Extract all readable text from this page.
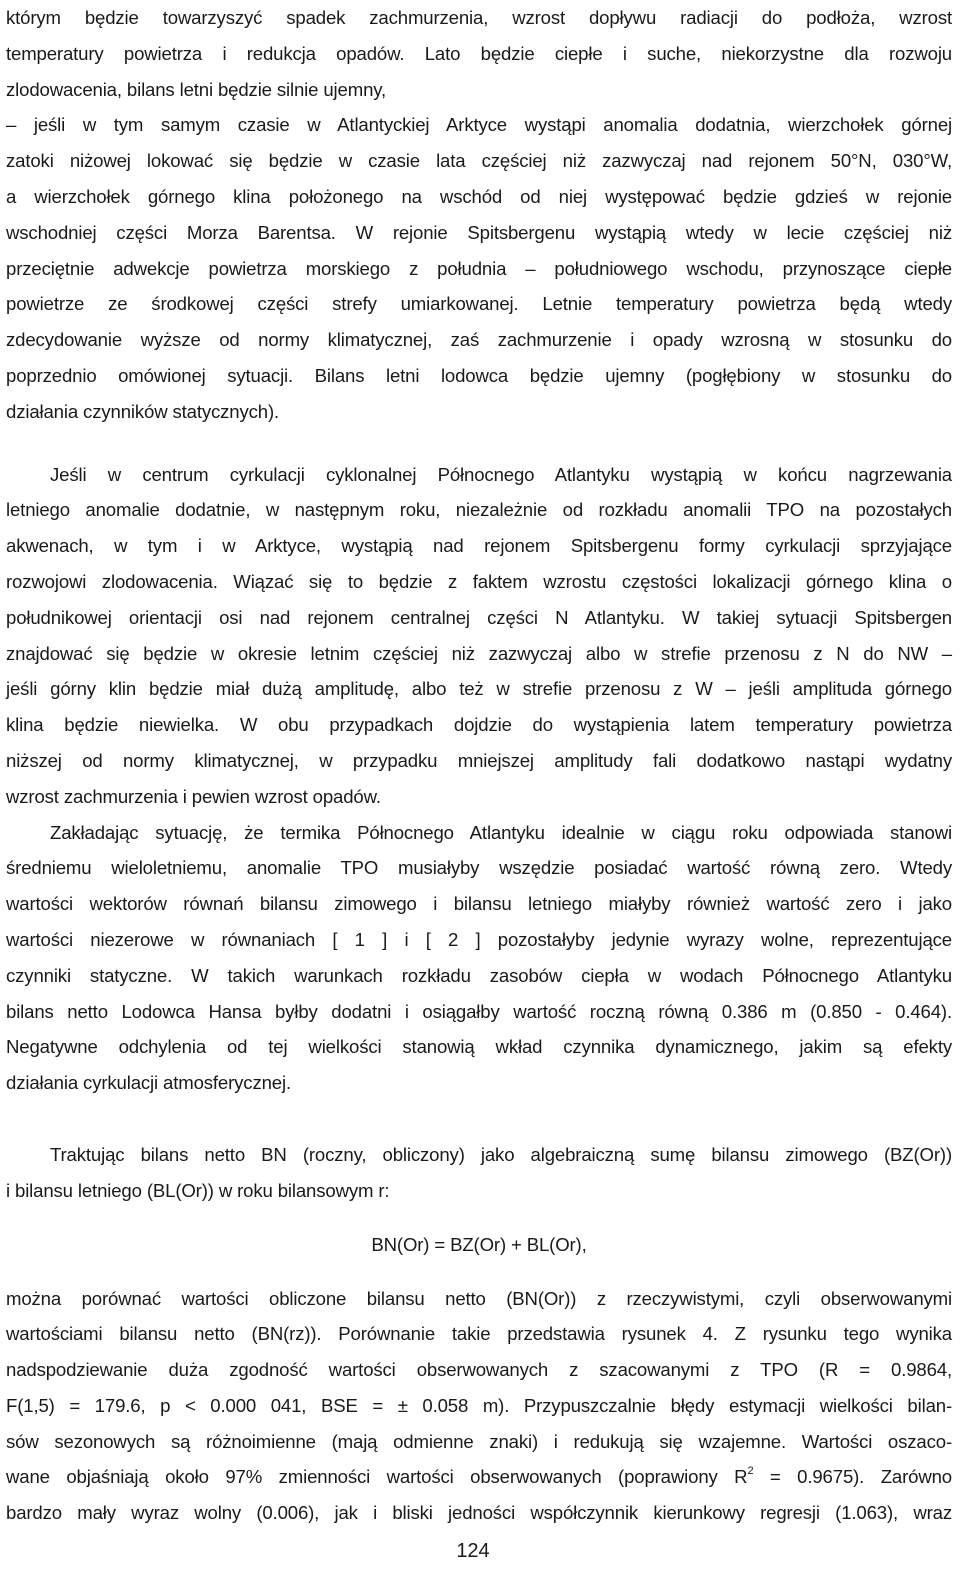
którym będzie towarzyszyć spadek zachmurzenia, wzrost dopływu radiacji do podłoża, wzrost
temperatury powietrza i redukcja opadów. Lato będzie ciepłe i suche, niekorzystne dla rozwoju
zlodowacenia, bilans letni będzie silnie ujemny,
– jeśli w tym samym czasie w Atlantyckiej Arktyce wystąpi anomalia dodatnia, wierzchołek górnej
zatoki niżowej lokować się będzie w czasie lata częściej niż zazwyczaj nad rejonem 50°N, 030°W,
a wierzchołek górnego klina położonego na wschód od niej występować będzie gdzieś w rejonie
wschodniej części Morza Barentsa. W rejonie Spitsbergenu wystąpią wtedy w lecie częściej niż
przeciętnie adwekcje powietrza morskiego z południa – południowego wschodu, przynoszące ciepłe
powietrze ze środkowej części strefy umiarkowanej. Letnie temperatury powietrza będą wtedy
zdecydowanie wyższe od normy klimatycznej, zaś zachmurzenie i opady wzrosną w stosunku do
poprzednio omówionej sytuacji. Bilans letni lodowca będzie ujemny (pogłębiony w stosunku do
działania czynników statycznych).
Jeśli w centrum cyrkulacji cyklonalnej Północnego Atlantyku wystąpią w końcu nagrzewania
letniego anomalie dodatnie, w następnym roku, niezależnie od rozkładu anomalii TPO na pozostałych
akwenach, w tym i w Arktyce, wystąpią nad rejonem Spitsbergenu formy cyrkulacji sprzyjające
rozwojowi zlodowacenia. Wiązać się to będzie z faktem wzrostu częstości lokalizacji górnego klina o
południkowej orientacji osi nad rejonem centralnej części N Atlantyku. W takiej sytuacji Spitsbergen
znajdować się będzie w okresie letnim częściej niż zazwyczaj albo w strefie przenosu z N do NW –
jeśli górny klin będzie miał dużą amplitudę, albo też w strefie przenosu z W – jeśli amplituda górnego
klina będzie niewielka. W obu przypadkach dojdzie do wystąpienia latem temperatury powietrza
niższej od normy klimatycznej, w przypadku mniejszej amplitudy fali dodatkowo nastąpi wydatny
wzrost zachmurzenia i pewien wzrost opadów.
Zakładając sytuację, że termika Północnego Atlantyku idealnie w ciągu roku odpowiada stanowi
średniemu wieloletniemu, anomalie TPO musiałyby wszędzie posiadać wartość równą zero. Wtedy
wartości wektorów równań bilansu zimowego i bilansu letniego miałyby również wartość zero i jako
wartości niezerowe w równaniach [ 1 ] i [ 2 ] pozostałyby jedynie wyrazy wolne, reprezentujące
czynniki statyczne. W takich warunkach rozkładu zasobów ciepła w wodach Północnego Atlantyku
bilans netto Lodowca Hansa byłby dodatni i osiągałby wartość roczną równą 0.386 m (0.850 - 0.464).
Negatywne odchylenia od tej wielkości stanowią wkład czynnika dynamicznego, jakim są efekty
działania cyrkulacji atmosferycznej.
Traktując bilans netto BN (roczny, obliczony) jako algebraiczną sumę bilansu zimowego (BZ(Or))
i bilansu letniego (BL(Or)) w roku bilansowym r:
BN(Or) = BZ(Or) + BL(Or),
można porównać wartości obliczone bilansu netto (BN(Or)) z rzeczywistymi, czyli obserwowanymi
wartościami bilansu netto (BN(rz)). Porównanie takie przedstawia rysunek 4. Z rysunku tego wynika
nadspodziewanie duża zgodność wartości obserwowanych z szacowanymi z TPO (R = 0.9864,
F(1,5) = 179.6, p < 0.000 041, BSE = ± 0.058 m). Przypuszczalnie błędy estymacji wielkości bilan-
sów sezonowych są różnoimienne (mają odmienne znaki) i redukują się wzajemne. Wartości oszaco-
wane objaśniają około 97% zmienności wartości obserwowanych (poprawiony $R^2 = 0.9675$). Zarówno
bardzo mały wyraz wolny (0.006), jak i bliski jedności współczynnik kierunkowy regresji (1.063), wraz
124
